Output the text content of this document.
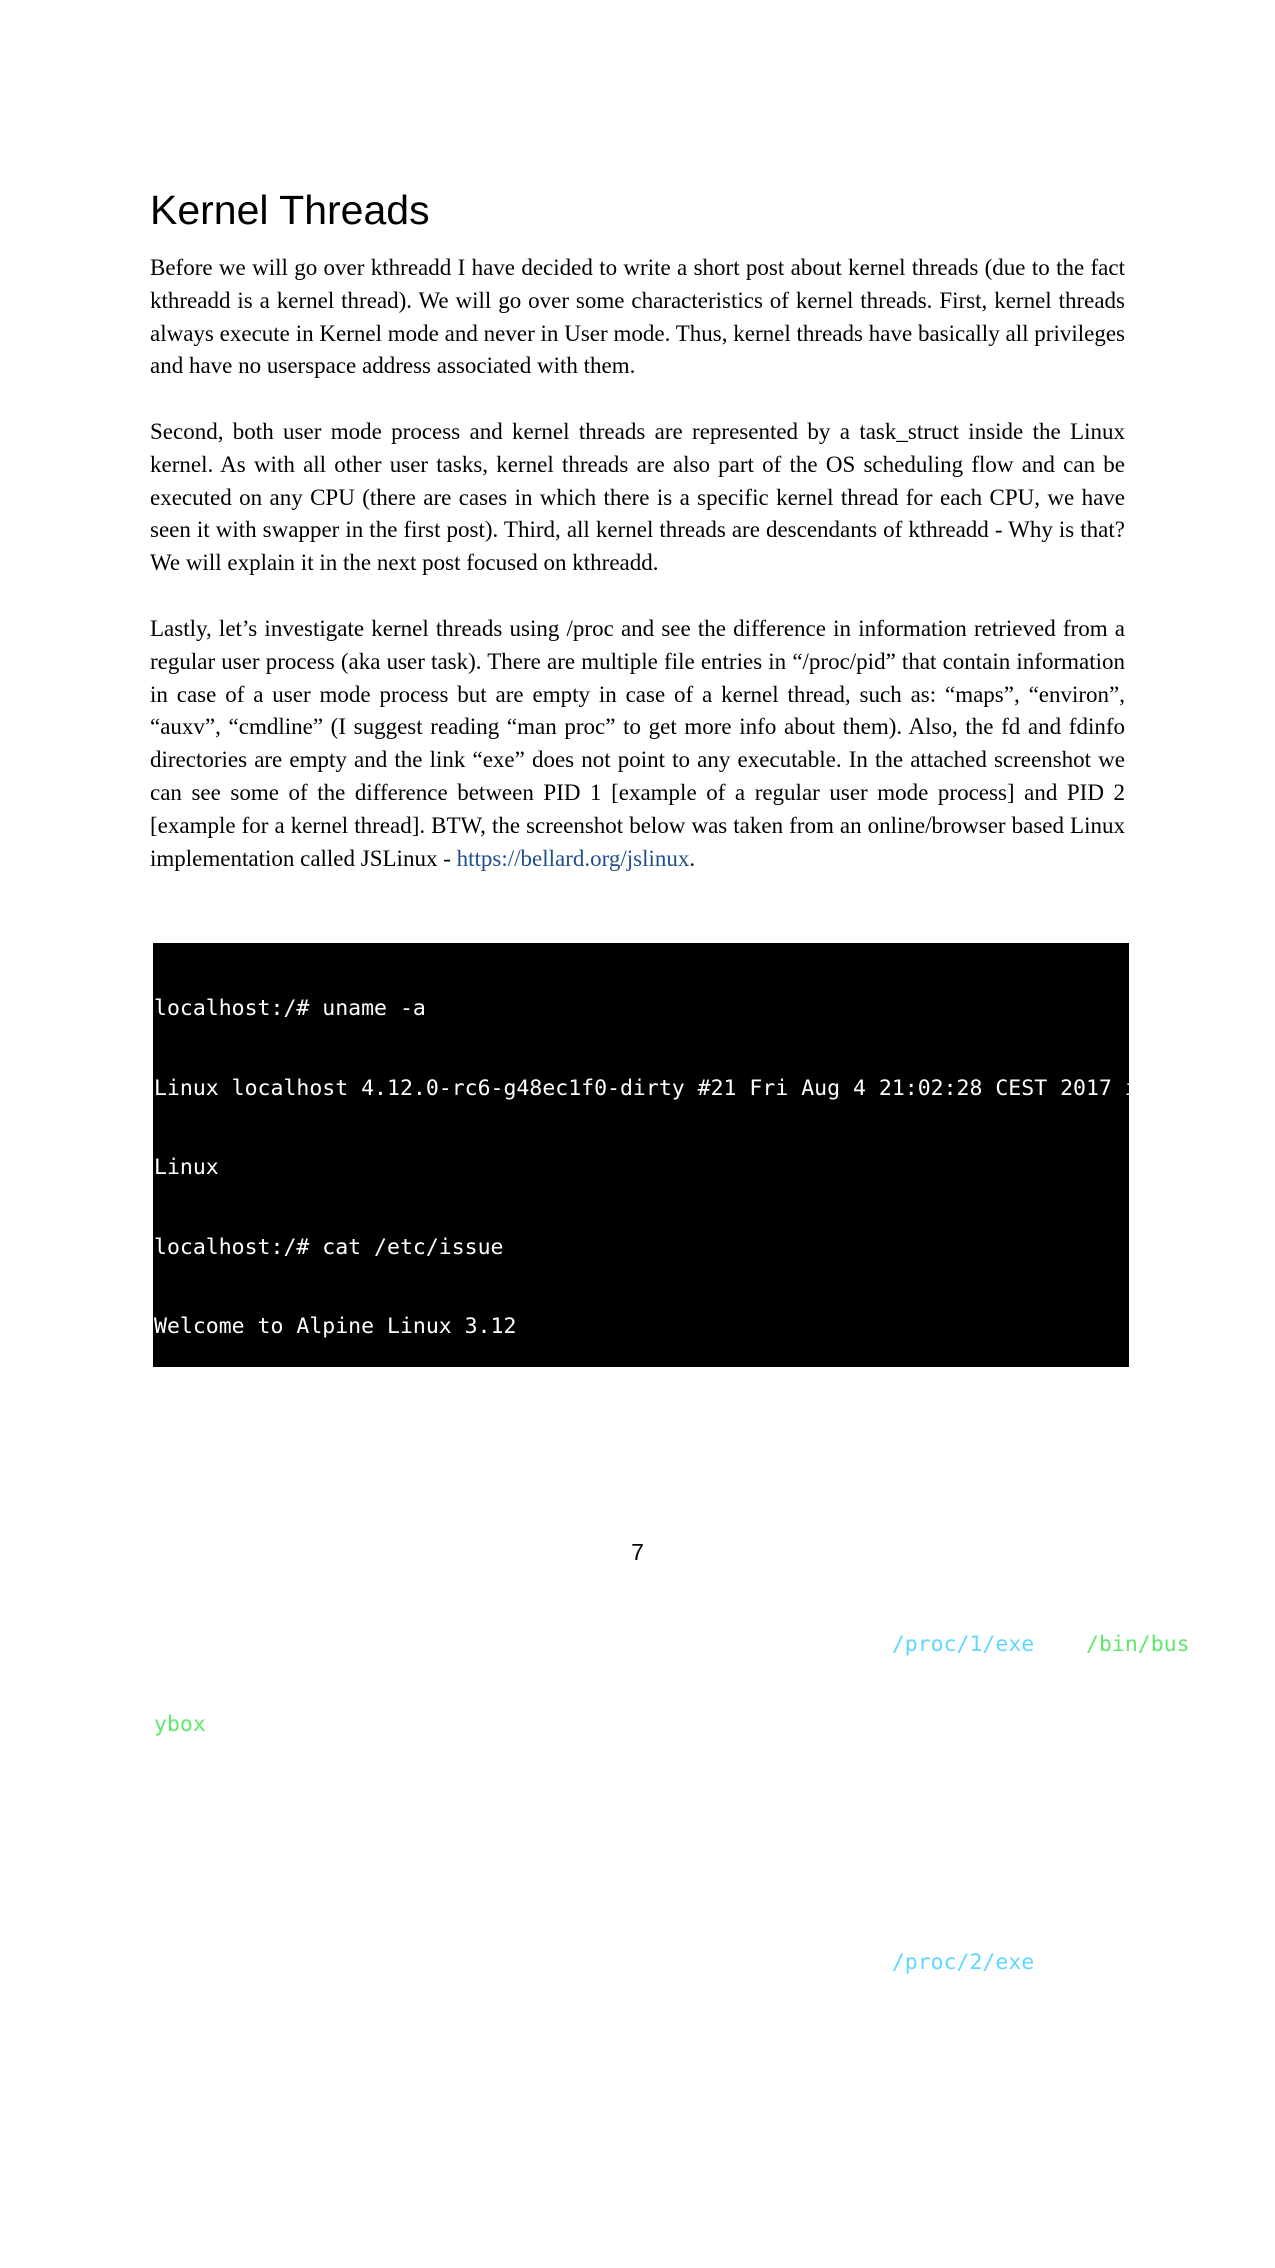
Kernel Threads

Before we will go over kthreadd I have decided to write a short post about kernel threads (due to the fact kthreadd is a kernel thread). We will go over some characteristics of kernel threads. First, kernel threads always execute in Kernel mode and never in User mode. Thus, kernel threads have basically all privileges and have no userspace address associated with them.

Second, both user mode process and kernel threads are represented by a task_struct inside the Linux kernel. As with all other user tasks, kernel threads are also part of the OS scheduling flow and can be executed on any CPU (there are cases in which there is a specific kernel thread for each CPU, we have seen it with swapper in the first post). Third, all kernel threads are descendants of kthreadd - Why is that? We will explain it in the next post focused on kthreadd.

Lastly, let’s investigate kernel threads using /proc and see the difference in information retrieved from a regular user process (aka user task). There are multiple file entries in “/proc/pid” that contain information in case of a user mode process but are empty in case of a kernel thread, such as: “maps”, “environ”, “auxv”, “cmdline” (I suggest reading “man proc” to get more info about them). Also, the fd and fdinfo directories are empty and the link “exe” does not point to any executable. In the attached screenshot we can see some of the difference between PID 1 [example of a regular user mode process] and PID 2 [example for a kernel thread]. BTW, the screenshot below was taken from an online/browser based Linux implementation called JSLinux - https://bellard.org/jslinux.

localhost:/# uname -a

Linux localhost 4.12.0-rc6-g48ec1f0-dirty #21 Fri Aug 4 21:02:28 CEST 2017 i586

Linux

localhost:/# cat /etc/issue

Welcome to Alpine Linux 3.12

Kernel \r on an \m (\l)

localhost:/# ls -l /proc/1/exe

lrwxrwxrwx    1 root     root             0 Aug 11 23:17 /proc/1/exe -> /bin/bus

ybox

localhost:/# ls -l /proc/2/exe

ls: /proc/2/exe: cannot read link: No such file or directory

lrwxrwxrwx    1 root     root             0 Aug 11 23:16 /proc/2/exe

localhost:/# cat /proc/1/environ

HOME=/TERM=linuxTZ=UTC+07:00localhost:/#

localhost:/# cat /proc/2/environ

7
